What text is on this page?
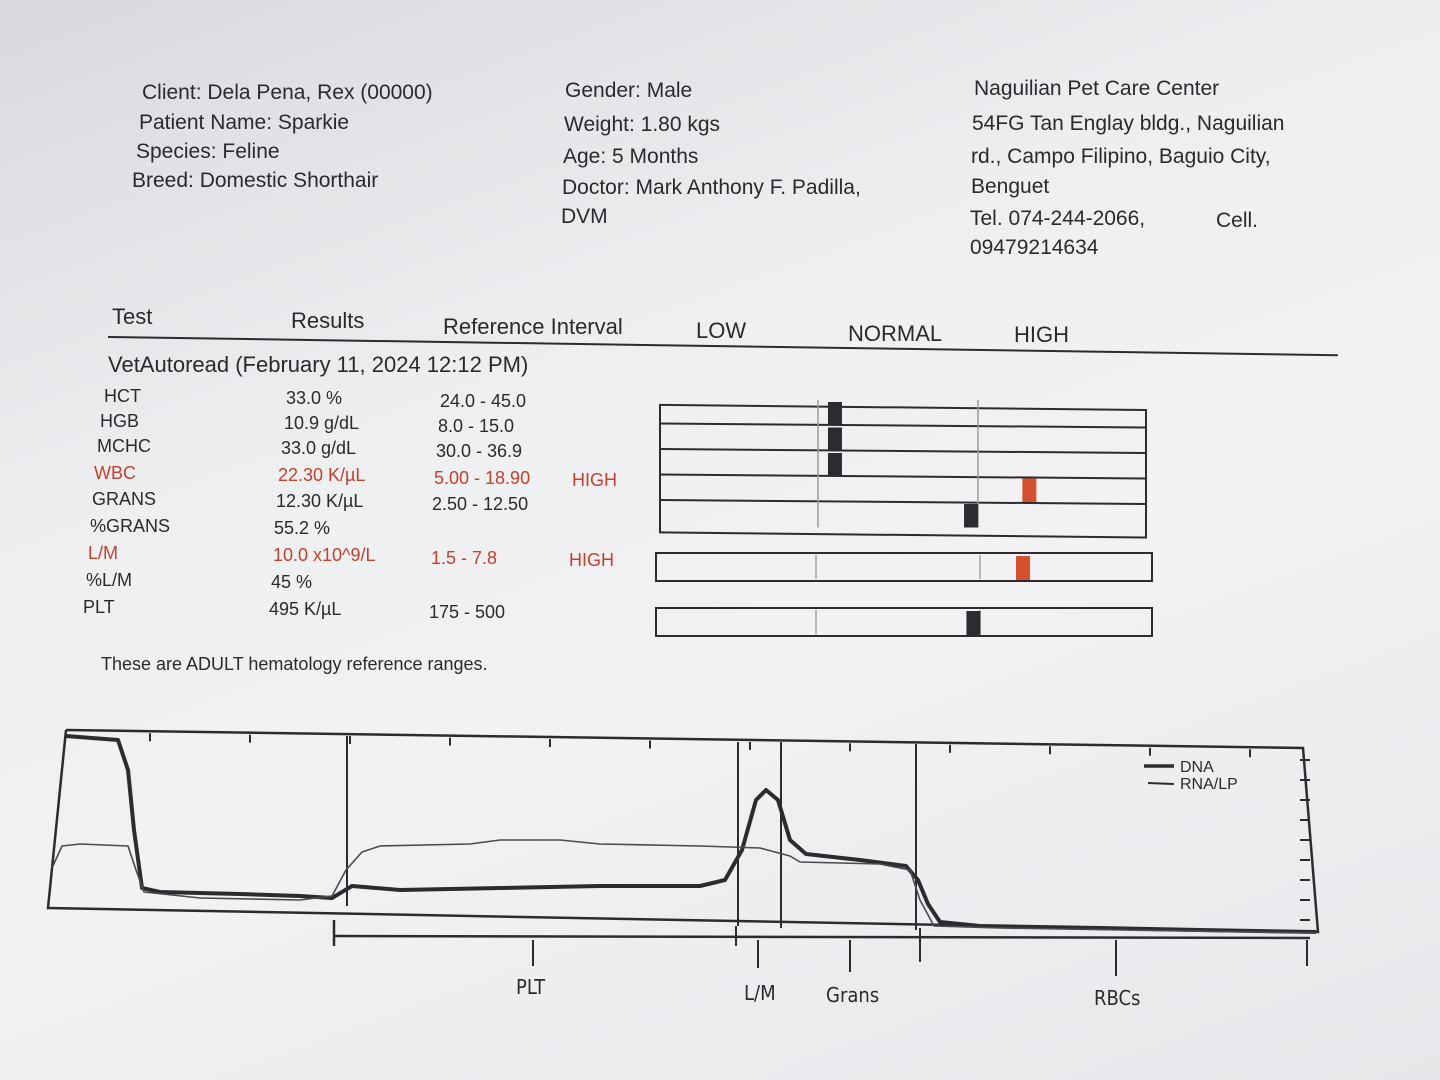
Client: Dela Pena, Rex (00000)
Patient Name: Sparkie
Species: Feline
Breed: Domestic Shorthair
Gender: Male
Weight: 1.80 kgs
Age: 5 Months
Doctor: Mark Anthony F. Padilla,
DVM
Naguilian Pet Care Center
54FG Tan Englay bldg., Naguilian
rd., Campo Filipino, Baguio City,
Benguet
Tel. 074-244-2066,	Cell.
09479214634
Test	Results	Reference Interval	LOW	NORMAL	HIGH
VetAutoread (February 11, 2024 12:12 PM)
HCT	33.0 %	24.0 - 45.0
HGB	10.9 g/dL	8.0 - 15.0
MCHC	33.0 g/dL	30.0 - 36.9
WBC	22.30 K/µL	5.00 - 18.90 HIGH
GRANS	12.30 K/µL	2.50 - 12.50
%GRANS	55.2 %
L/M	10.0 x10^9/L	1.5 - 7.8	HIGH
%L/M	45 %
PLT	495 K/µL	175 - 500
These are ADULT hematology reference ranges.
PLT	L/M	Grans	RBCs
DNA
RNA/LP
